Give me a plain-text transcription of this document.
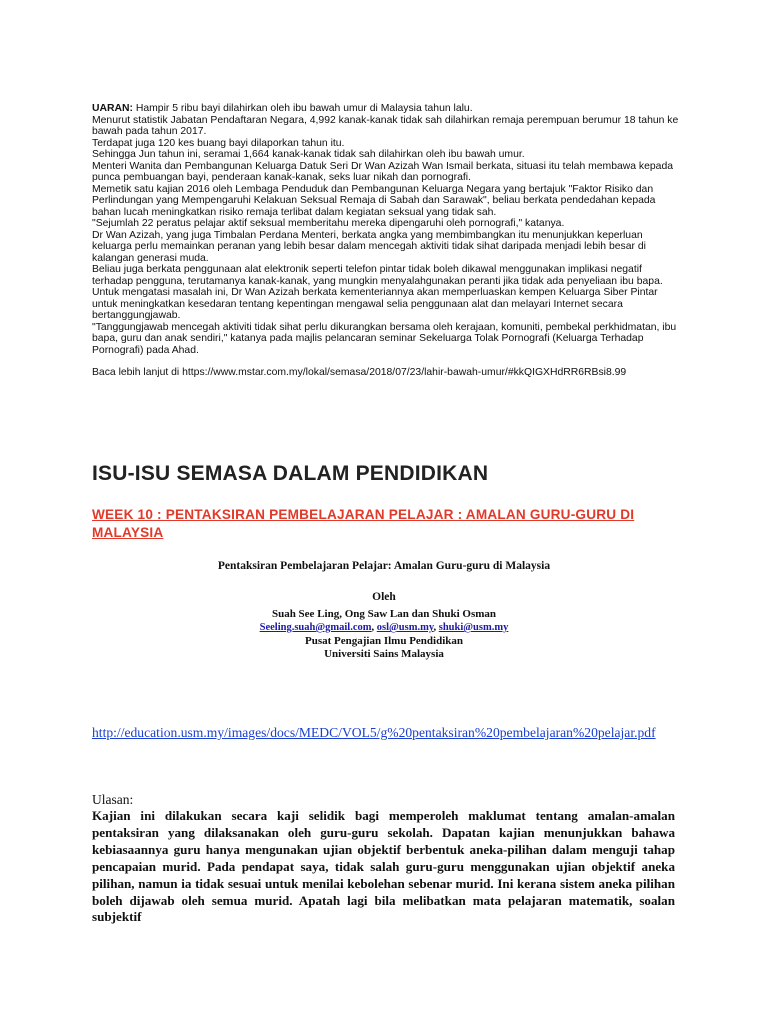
UARAN: Hampir 5 ribu bayi dilahirkan oleh ibu bawah umur di Malaysia tahun lalu.

Menurut statistik Jabatan Pendaftaran Negara, 4,992 kanak-kanak tidak sah dilahirkan remaja perempuan berumur 18 tahun ke bawah pada tahun 2017.

Terdapat juga 120 kes buang bayi dilaporkan tahun itu.

Sehingga Jun tahun ini, seramai 1,664 kanak-kanak tidak sah dilahirkan oleh ibu bawah umur.

Menteri Wanita dan Pembangunan Keluarga Datuk Seri Dr Wan Azizah Wan Ismail berkata, situasi itu telah membawa kepada punca pembuangan bayi, penderaan kanak-kanak, seks luar nikah dan pornografi.

Memetik satu kajian 2016 oleh Lembaga Penduduk dan Pembangunan Keluarga Negara yang bertajuk "Faktor Risiko dan Perlindungan yang Mempengaruhi Kelakuan Seksual Remaja di Sabah dan Sarawak", beliau berkata pendedahan kepada bahan lucah meningkatkan risiko remaja terlibat dalam kegiatan seksual yang tidak sah.

"Sejumlah 22 peratus pelajar aktif seksual memberitahu mereka dipengaruhi oleh pornografi," katanya.

Dr Wan Azizah, yang juga Timbalan Perdana Menteri, berkata angka yang membimbangkan itu menunjukkan keperluan keluarga perlu memainkan peranan yang lebih besar dalam mencegah aktiviti tidak sihat daripada menjadi lebih besar di kalangan generasi muda.

Beliau juga berkata penggunaan alat elektronik seperti telefon pintar tidak boleh dikawal menggunakan implikasi negatif terhadap pengguna, terutamanya kanak-kanak, yang mungkin menyalahgunakan peranti jika tidak ada penyeliaan ibu bapa.

Untuk mengatasi masalah ini, Dr Wan Azizah berkata kementeriannya akan memperluaskan kempen Keluarga Siber Pintar untuk meningkatkan kesedaran tentang kepentingan mengawal selia penggunaan alat dan melayari Internet secara bertanggungjawab.

"Tanggungjawab mencegah aktiviti tidak sihat perlu dikurangkan bersama oleh kerajaan, komuniti, pembekal perkhidmatan, ibu bapa, guru dan anak sendiri," katanya pada majlis pelancaran seminar Sekeluarga Tolak Pornografi (Keluarga Terhadap Pornografi) pada Ahad.

Baca lebih lanjut di https://www.mstar.com.my/lokal/semasa/2018/07/23/lahir-bawah-umur/#kkQIGXHdRR6RBsi8.99

ISU-ISU SEMASA DALAM PENDIDIKAN
WEEK 10 : PENTAKSIRAN PEMBELAJARAN PELAJAR : AMALAN GURU-GURU DI MALAYSIA

Pentaksiran Pembelajaran Pelajar: Amalan Guru-guru di Malaysia

Oleh

Suah See Ling, Ong Saw Lan dan Shuki Osman

Seeling.suah@gmail.com, osl@usm.my, shuki@usm.my

Pusat Pengajian Ilmu Pendidikan

Universiti Sains Malaysia

http://education.usm.my/images/docs/MEDC/VOL5/g%20pentaksiran%20pembelajaran%20pelajar.pdf
Ulasan:
Kajian ini dilakukan secara kaji selidik bagi memperoleh maklumat tentang amalan-amalan pentaksiran yang dilaksanakan oleh guru-guru sekolah. Dapatan kajian menunjukkan bahawa kebiasaannya guru hanya mengunakan ujian objektif berbentuk aneka-pilihan dalam menguji tahap pencapaian murid. Pada pendapat saya, tidak salah guru-guru menggunakan ujian objektif aneka pilihan, namun ia tidak sesuai untuk menilai kebolehan sebenar murid. Ini kerana sistem aneka pilihan boleh dijawab oleh semua murid. Apatah lagi bila melibatkan mata pelajaran matematik, soalan subjektif
